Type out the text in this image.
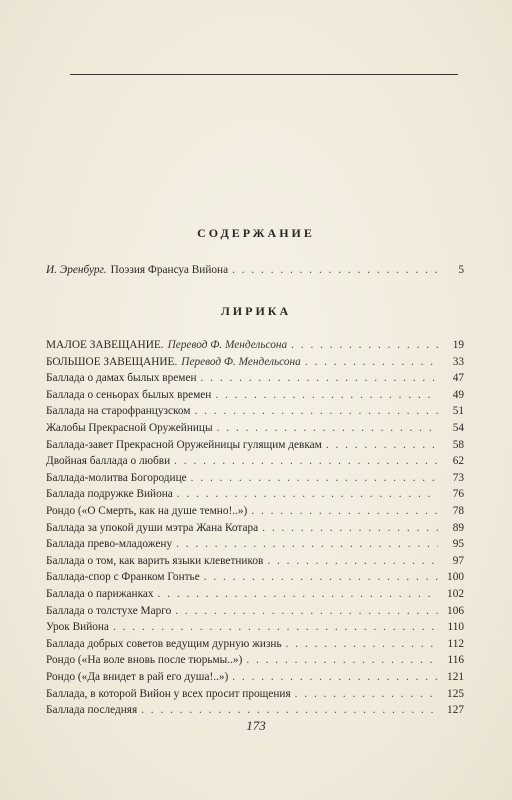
СОДЕРЖАНИЕ
И. Эренбург. Поэзия Франсуа Вийона . . .	5
ЛИРИКА
МАЛОЕ ЗАВЕЩАНИЕ. Перевод Ф. Мендельсона . . .	19
БОЛЬШОЕ ЗАВЕЩАНИЕ. Перевод Ф. Мендельсона . . .	33
Баллада о дамах былых времен . . .	47
Баллада о сеньорах былых времен . . .	49
Баллада на старофранцузском . . .	51
Жалобы Прекрасной Оружейницы . . .	54
Баллада-завет Прекрасной Оружейницы гулящим девкам . . .	58
Двойная баллада о любви . . .	62
Баллада-молитва Богородице . . .	73
Баллада подружке Вийона . . .	76
Рондо («О Смерть, как на душе темно!..») . . .	78
Баллада за упокой души мэтра Жана Котара . . .	89
Баллада прево-младоженy . . .	95
Баллада о том, как варить языки клеветников . . .	97
Баллада-спор с Франком Гонтье . . .	100
Баллада о парижанках . . .	102
Баллада о толстухе Марго . . .	106
Урок Вийона . . .	110
Баллада добрых советов ведущим дурную жизнь . . .	112
Рондо («На воле вновь после тюрьмы..») . . .	116
Рондо («Да внидет в рай его душа!..») . . .	121
Баллада, в которой Вийон у всех просит прощения . . .	125
Баллада последняя . . .	127
173
